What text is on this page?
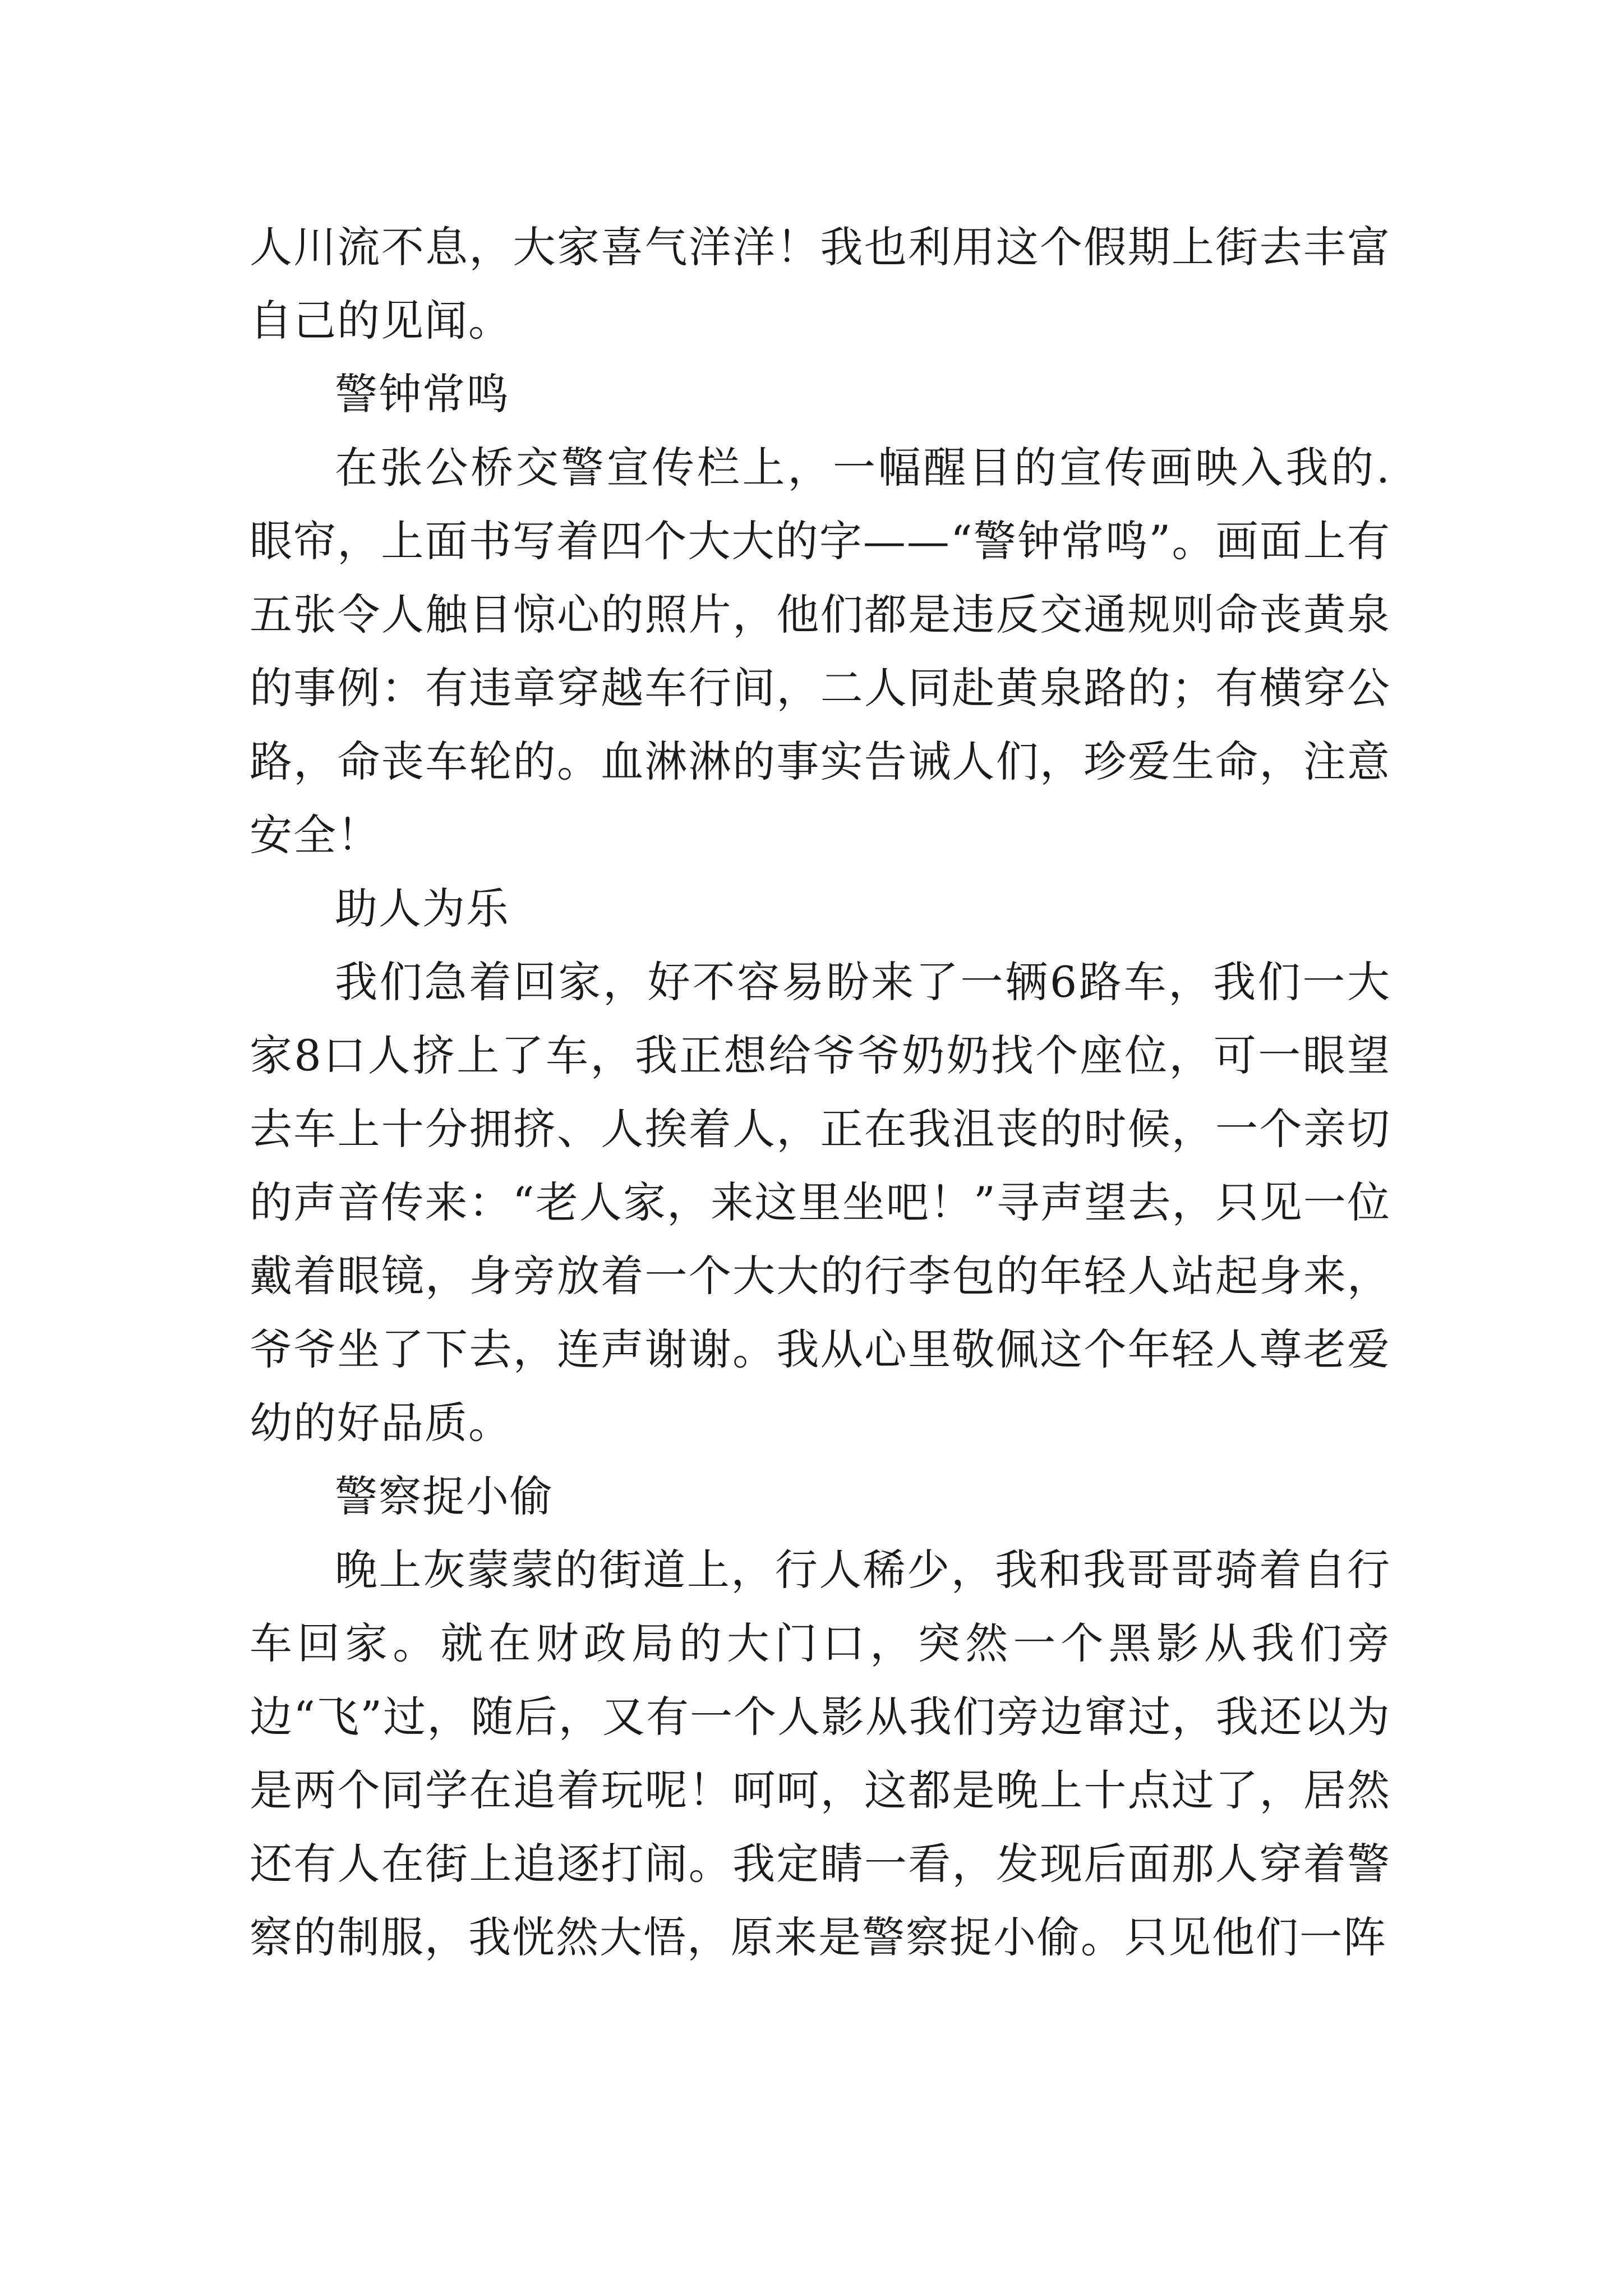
人川流不息，大家喜气洋洋！我也利用这个假期上街去丰富自己的见闻。

警钟常鸣

在张公桥交警宣传栏上，一幅醒目的宣传画映入我的.眼帘，上面书写着四个大大的字——“警钟常鸣”。画面上有五张令人触目惊心的照片，他们都是违反交通规则命丧黄泉的事例：有违章穿越车行间，二人同赴黄泉路的；有横穿公路，命丧车轮的。血淋淋的事实告诫人们，珍爱生命，注意安全！

助人为乐

我们急着回家，好不容易盼来了一辆6路车，我们一大家8口人挤上了车，我正想给爷爷奶奶找个座位，可一眼望去车上十分拥挤、人挨着人，正在我沮丧的时候，一个亲切的声音传来：“老人家，来这里坐吧！”寻声望去，只见一位戴着眼镜，身旁放着一个大大的行李包的年轻人站起身来，爷爷坐了下去，连声谢谢。我从心里敬佩这个年轻人尊老爱幼的好品质。

警察捉小偷

晚上灰蒙蒙的街道上，行人稀少，我和我哥哥骑着自行车回家。就在财政局的大门口，突然一个黑影从我们旁边“飞”过，随后，又有一个人影从我们旁边窜过，我还以为是两个同学在追着玩呢！呵呵，这都是晚上十点过了，居然还有人在街上追逐打闹。我定睛一看，发现后面那人穿着警察的制服，我恍然大悟，原来是警察捉小偷。只见他们一阵
